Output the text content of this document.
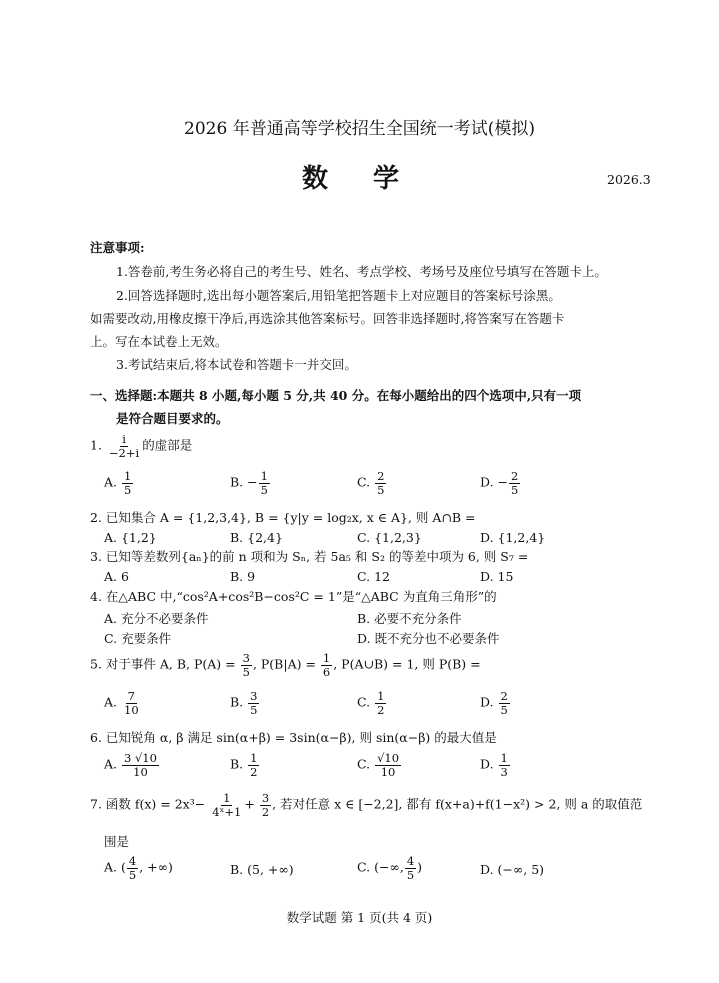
2026 年普通高等学校招生全国统一考试(模拟)
数 学	2026.3
注意事项:
1.答卷前,考生务必将自己的考生号、姓名、考点学校、考场号及座位号填写在答题卡上。
2.回答选择题时,选出每小题答案后,用铅笔把答题卡上对应题目的答案标号涂黑。
如需要改动,用橡皮擦干净后,再选涂其他答案标号。回答非选择题时,将答案写在答题卡
上。写在本试卷上无效。
3.考试结束后,将本试卷和答题卡一并交回。
一、选择题:本题共 8 小题,每小题 5 分,共 40 分。在每小题给出的四个选项中,只有一项
是符合题目要求的。
1. $\frac{i}{-2+i}$ 的虚部是
A. $\frac{1}{5}$	B. − $\frac{1}{5}$	C. $\frac{2}{5}$	D. − $\frac{2}{5}$
2. 已知集合 A = {1,2,3,4}, B = {y|y = log₂x, x ∈ A}, 则 A∩B =
A. {1,2}	B. {2,4}	C. {1,2,3}	D. {1,2,4}
3. 已知等差数列{aₙ}的前 n 项和为 Sₙ, 若 5a₅ 和 S₂ 的等差中项为 6, 则 S₇ =
A. 6	B. 9	C. 12	D. 15
4. 在△ABC 中,“cos²A+cos²B−cos²C = 1”是“△ABC 为直角三角形”的
A. 充分不必要条件	B. 必要不充分条件
C. 充要条件	D. 既不充分也不必要条件
5. 对于事件 A, B, $P(A) = \frac{3}{5}$ , $P(B|A) = \frac{1}{6}$ , P(A∪B) = 1, 则 P(B) =
A. $\frac{7}{10}$	B. $\frac{3}{5}$	C. $\frac{1}{2}$	D. $\frac{2}{5}$
6. 已知锐角 α, β 满足 sin(α+β) = 3sin(α−β), 则 sin(α−β) 的最大值是
A. $\frac{3 √10}{10}$	B. $\frac{1}{2}$	C. $\frac{√10}{10}$	D. $\frac{1}{3}$
7. 函数 $f(x) = 2x^3- \frac{1}{\text{4ˣ+1}} + \frac{3}{2}$ , 若对任意 x ∈ [−2,2], 都有 f(x+a)+f(1−x²) > 2, 则 a 的取值范
围是
A. ( $\frac{4}{5}$ , +∞)	B. (5, +∞)	C. (−∞, $\frac{4}{5}$ )	D. (−∞, 5)
数学试题 第 1 页(共 4 页)
